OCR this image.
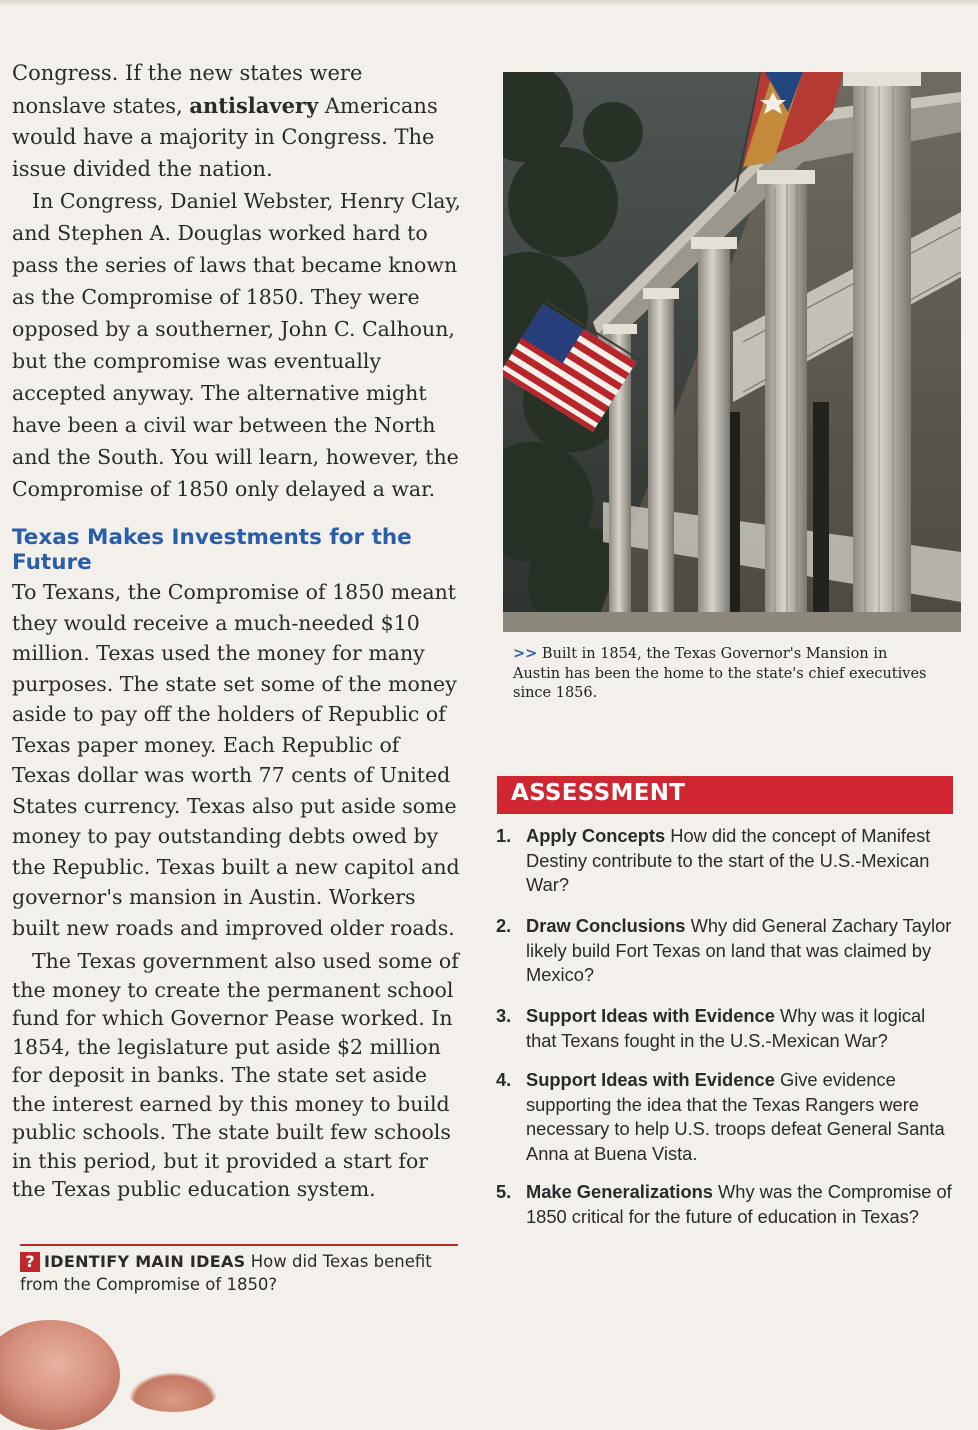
Congress. If the new states were nonslave states, antislavery Americans would have a majority in Congress. The issue divided the nation.

In Congress, Daniel Webster, Henry Clay, and Stephen A. Douglas worked hard to pass the series of laws that became known as the Compromise of 1850. They were opposed by a southerner, John C. Calhoun, but the compromise was eventually accepted anyway. The alternative might have been a civil war between the North and the South. You will learn, however, the Compromise of 1850 only delayed a war.

Texas Makes Investments for the Future

To Texans, the Compromise of 1850 meant they would receive a much-needed $10 million. Texas used the money for many purposes. The state set some of the money aside to pay off the holders of Republic of Texas paper money. Each Republic of Texas dollar was worth 77 cents of United States currency. Texas also put aside some money to pay outstanding debts owed by the Republic. Texas built a new capitol and governor's mansion in Austin. Workers built new roads and improved older roads.

The Texas government also used some of the money to create the permanent school fund for which Governor Pease worked. In 1854, the legislature put aside $2 million for deposit in banks. The state set aside the interest earned by this money to build public schools. The state built few schools in this period, but it provided a start for the Texas public education system.

? IDENTIFY MAIN IDEAS How did Texas benefit from the Compromise of 1850?
>> Built in 1854, the Texas Governor's Mansion in Austin has been the home to the state's chief executives since 1856.
ASSESSMENT
1. Apply Concepts How did the concept of Manifest Destiny contribute to the start of the U.S.-Mexican War?
2. Draw Conclusions Why did General Zachary Taylor likely build Fort Texas on land that was claimed by Mexico?
3. Support Ideas with Evidence Why was it logical that Texans fought in the U.S.-Mexican War?
4. Support Ideas with Evidence Give evidence supporting the idea that the Texas Rangers were necessary to help U.S. troops defeat General Santa Anna at Buena Vista.
5. Make Generalizations Why was the Compromise of 1850 critical for the future of education in Texas?
